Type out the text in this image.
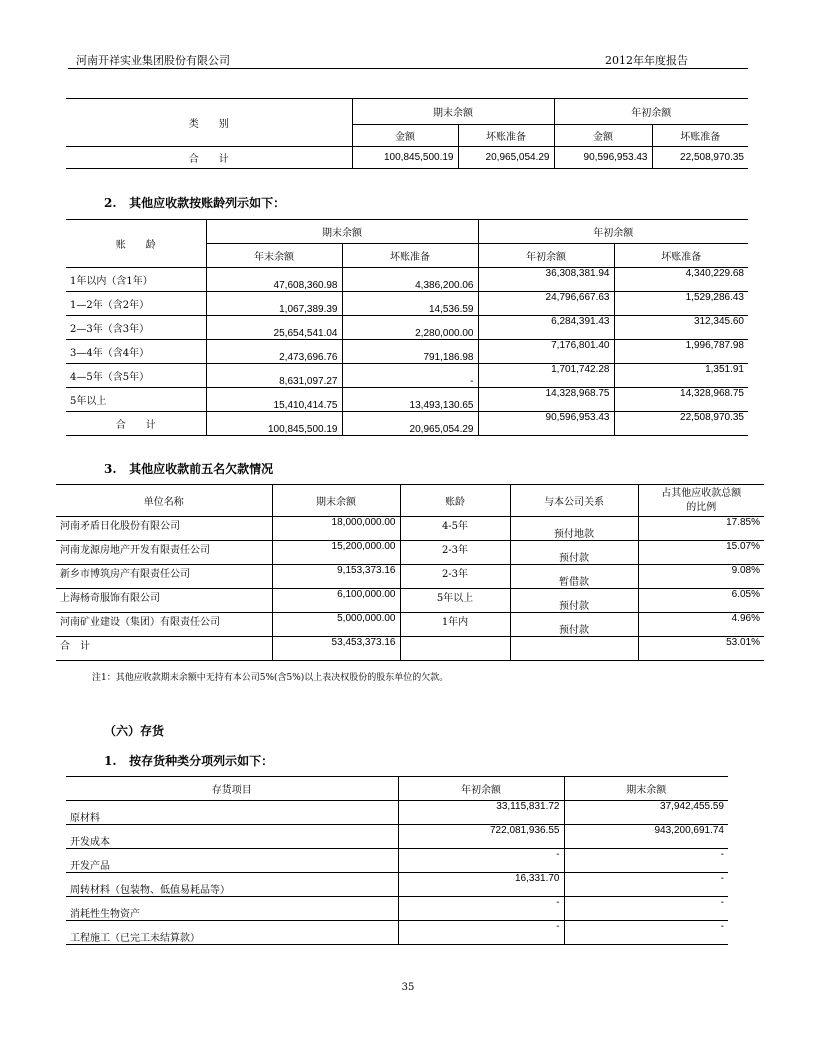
河南开祥实业集团股份有限公司	2012年年度报告
类　　别	期末余额		年初余额	
	金额	坏账准备	金额	坏账准备
合　　计	100,845,500.19	20,965,054.29	90,596,953.43	22,508,970.35
2. 其他应收款按账龄列示如下：
账　　龄	期末余额		年初余额	
	年末余额	坏账准备	年初余额	坏账准备
1年以内（含1年）	47,608,360.98	4,386,200.06	36,308,381.94	4,340,229.68
1—2年（含2年）	1,067,389.39	14,536.59	24,796,667.63	1,529,286.43
2—3年（含3年）	25,654,541.04	2,280,000.00	6,284,391.43	312,345.60
3—4年（含4年）	2,473,696.76	791,186.98	7,176,801.40	1,996,787.98
4—5年（含5年）	8,631,097.27	-	1,701,742.28	1,351.91
5年以上	15,410,414.75	13,493,130.65	14,328,968.75	14,328,968.75
合　　计	100,845,500.19	20,965,054.29	90,596,953.43	22,508,970.35
3. 其他应收款前五名欠款情况
单位名称	期末余额	账龄	与本公司关系	占其他应收款总额
的比例

河南矛盾日化股份有限公司	18,000,000.00	4-5年	预付地款	17.85%
河南龙源房地产开发有限责任公司	15,200,000.00	2-3年	预付款	15.07%
新乡市博筑房产有限责任公司	9,153,373.16	2-3年	暂借款	9.08%
上海杨奇服饰有限公司	6,100,000.00	5年以上	预付款	6.05%
河南矿业建设（集团）有限责任公司	5,000,000.00	1年内	预付款	4.96%
合　计	53,453,373.16			53.01%
注1：其他应收款期末余额中无持有本公司5%(含5%)以上表决权股份的股东单位的欠款。
（六）存货
1. 按存货种类分项列示如下：
存货项目	年初余额	期末余额
原材料	33,115,831.72	37,942,455.59
开发成本	722,081,936.55	943,200,691.74
开发产品	-	-
周转材料（包装物、低值易耗品等）	16,331.70	-
消耗性生物资产	-	-
工程施工（已完工未结算款）	-	-
35
